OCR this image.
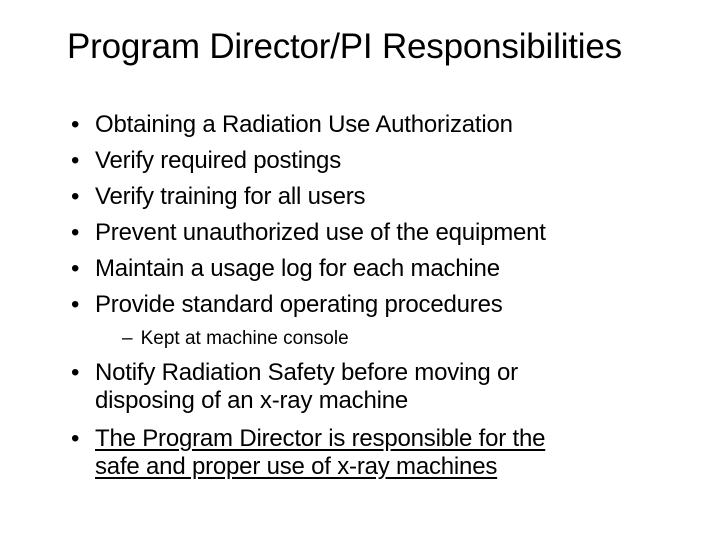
Program Director/PI Responsibilities
• Obtaining a Radiation Use Authorization
• Verify required postings
• Verify training for all users
• Prevent unauthorized use of the equipment
• Maintain a usage log for each machine
• Provide standard operating procedures
– Kept at machine console
• Notify Radiation Safety before moving or
disposing of an x-ray machine
• The Program Director is responsible for the
safe and proper use of x-ray machines
